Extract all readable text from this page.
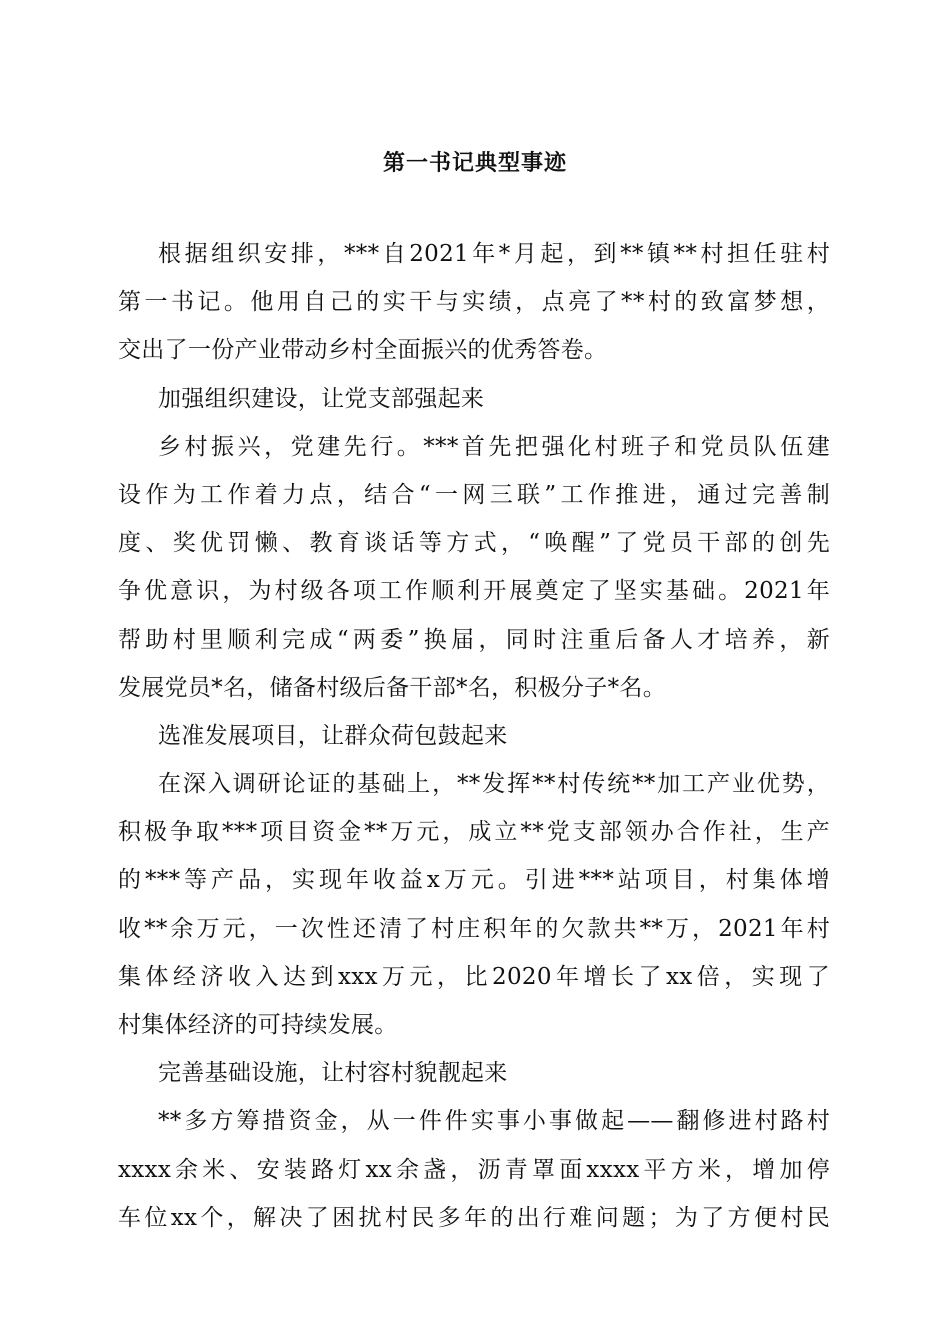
第一书记典型事迹
根据组织安排，***自2021年*月起，到**镇**村担任驻村
第一书记。他用自己的实干与实绩，点亮了**村的致富梦想，
交出了一份产业带动乡村全面振兴的优秀答卷。
加强组织建设，让党支部强起来
乡村振兴，党建先行。***首先把强化村班子和党员队伍建
设作为工作着力点，结合“一网三联”工作推进，通过完善制
度、奖优罚懒、教育谈话等方式，“唤醒”了党员干部的创先
争优意识，为村级各项工作顺利开展奠定了坚实基础。2021年
帮助村里顺利完成“两委”换届，同时注重后备人才培养，新
发展党员*名，储备村级后备干部*名，积极分子*名。
选准发展项目，让群众荷包鼓起来
在深入调研论证的基础上，**发挥**村传统**加工产业优势，
积极争取***项目资金**万元，成立**党支部领办合作社，生产
的***等产品，实现年收益x万元。引进***站项目，村集体增
收**余万元，一次性还清了村庄积年的欠款共**万，2021年村
集体经济收入达到xxx万元，比2020年增长了xx倍，实现了
村集体经济的可持续发展。
完善基础设施，让村容村貌靓起来
**多方筹措资金，从一件件实事小事做起——翻修进村路村
xxxx余米、安装路灯xx余盏，沥青罩面xxxx平方米，增加停
车位xx个，解决了困扰村民多年的出行难问题；为了方便村民
